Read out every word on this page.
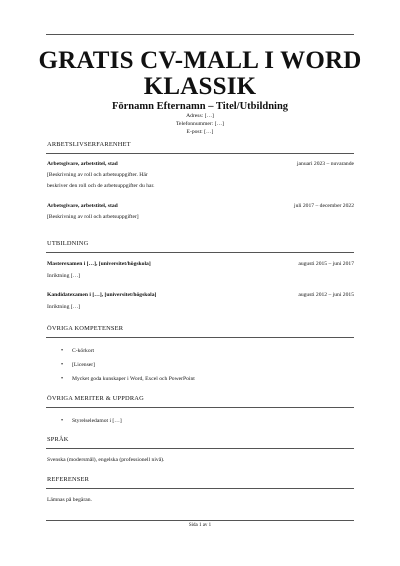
GRATIS CV-MALL I WORD
KLASSIK
Förnamn Efternamn – Titel/Utbildning
Adress: […]
Telefonnummer: […]
E-post: […]
ARBETSLIVSERFARENHET
Arbetsgivare, arbetstitel, stad	januari 2023 – nuvarande
[Beskrivning av roll och arbetsuppgifter. Här
beskriver den roll och de arbetsuppgifter du har.
Arbetsgivare, arbetstitel, stad	juli 2017 – december 2022
[Beskrivning av roll och arbetsuppgifter]
UTBILDNING
Masterexamen i […], [universitet/högskola]	augusti 2015 – juni 2017
Inriktning […]
Kandidatexamen i […], [universitet/högskola]	augusti 2012 – juni 2015
Inriktning […]
ÖVRIGA KOMPETENSER
• C-körkort
• [Licenser]
• Mycket goda kunskaper i Word, Excel och PowerPoint
ÖVRIGA MERITER & UPPDRAG
• Styrelseledamot i […]
SPRÅK
Svenska (modersmål), engelska (professionell nivå).
REFERENSER
Lämnas på begäran.
Sida 1 av 1
